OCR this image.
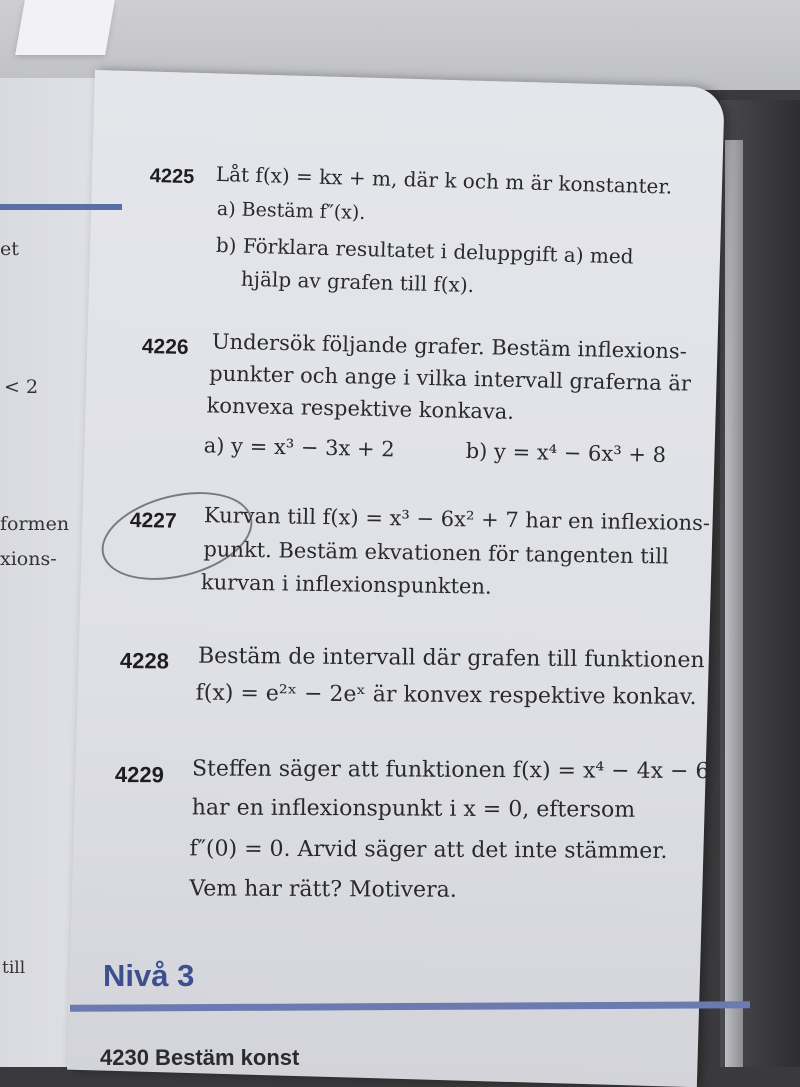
et
< 2
formen
xions-
till
4225 Låt f(x) = kx + m, där k och m är konstanter.
a) Bestäm f″(x).
b) Förklara resultatet i deluppgift a) med
hjälp av grafen till f(x).
4226 Undersök följande grafer. Bestäm inflexions-
punkter och ange i vilka intervall graferna är
konvexa respektive konkava.
a) y = x³ − 3x + 2	b) y = x⁴ − 6x³ + 8
4227 Kurvan till f(x) = x³ − 6x² + 7 har en inflexions-
punkt. Bestäm ekvationen för tangenten till
kurvan i inflexionspunkten.
4228 Bestäm de intervall där grafen till funktionen
f(x) = e²ˣ − 2eˣ är konvex respektive konkav.
4229 Steffen säger att funktionen f(x) = x⁴ − 4x − 6
har en inflexionspunkt i x = 0, eftersom
f″(0) = 0. Arvid säger att det inte stämmer.
Vem har rätt? Motivera.
Nivå 3
4230 Bestäm konst
